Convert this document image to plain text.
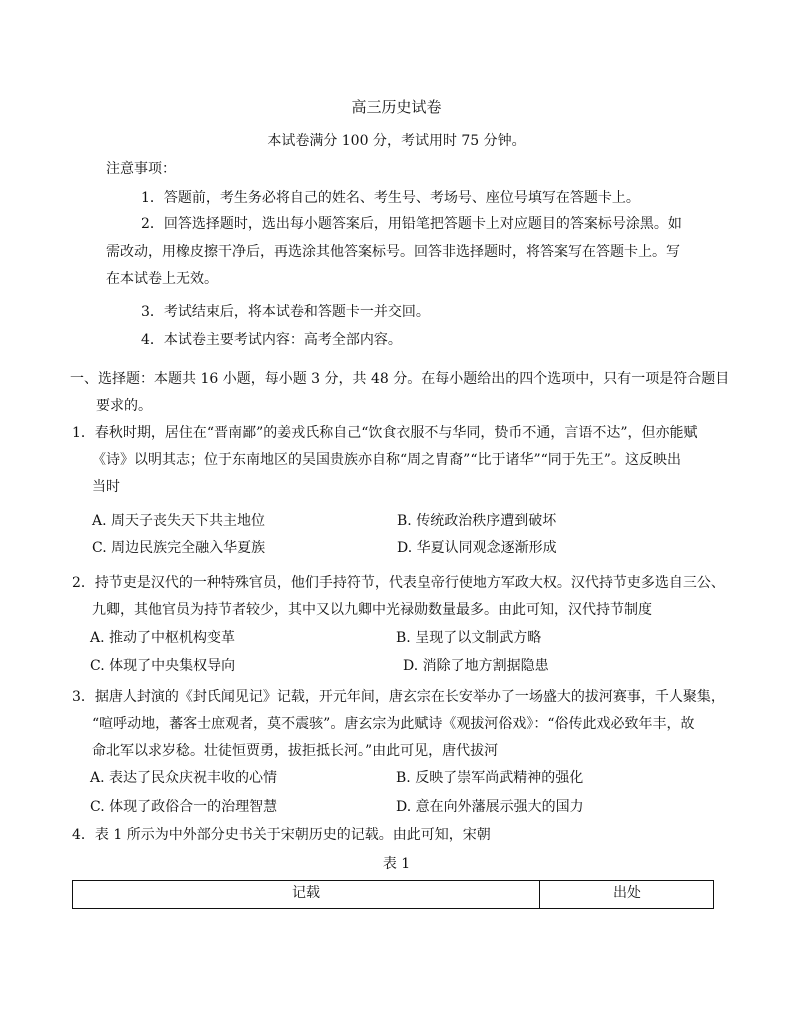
高三历史试卷
本试卷满分 100 分，考试用时 75 分钟。
注意事项：
1．答题前，考生务必将自己的姓名、考生号、考场号、座位号填写在答题卡上。
2．回答选择题时，选出每小题答案后，用铅笔把答题卡上对应题目的答案标号涂黑。如
需改动，用橡皮擦干净后，再选涂其他答案标号。回答非选择题时，将答案写在答题卡上。写
在本试卷上无效。
3．考试结束后，将本试卷和答题卡一并交回。
4．本试卷主要考试内容：高考全部内容。
一、选择题：本题共 16 小题，每小题 3 分，共 48 分。在每小题给出的四个选项中，只有一项是符合题目
要求的。
1．春秋时期，居住在“晋南鄙”的姜戎氏称自己“饮食衣服不与华同，贽币不通，言语不达”，但亦能赋
《诗》以明其志；位于东南地区的吴国贵族亦自称“周之胄裔”“比于诸华”“同于先王”。这反映出
当时
A. 周天子丧失天下共主地位	B. 传统政治秩序遭到破坏
C. 周边民族完全融入华夏族	D. 华夏认同观念逐渐形成
2．持节吏是汉代的一种特殊官员，他们手持符节，代表皇帝行使地方军政大权。汉代持节吏多选自三公、
九卿，其他官员为持节者较少，其中又以九卿中光禄勋数量最多。由此可知，汉代持节制度
A. 推动了中枢机构变革	B. 呈现了以文制武方略
C. 体现了中央集权导向	D. 消除了地方割据隐患
3．据唐人封演的《封氏闻见记》记载，开元年间，唐玄宗在长安举办了一场盛大的拔河赛事，千人聚集，
“喧呼动地，蕃客士庶观者，莫不震骇”。唐玄宗为此赋诗《观拔河俗戏》：“俗传此戏必致年丰，故
命北军以求岁稔。壮徒恒贾勇，拔拒抵长河。”由此可见，唐代拔河
A. 表达了民众庆祝丰收的心情	B. 反映了崇军尚武精神的强化
C. 体现了政俗合一的治理智慧	D. 意在向外藩展示强大的国力
4．表 1 所示为中外部分史书关于宋朝历史的记载。由此可知，宋朝
表 1
记载	出处
